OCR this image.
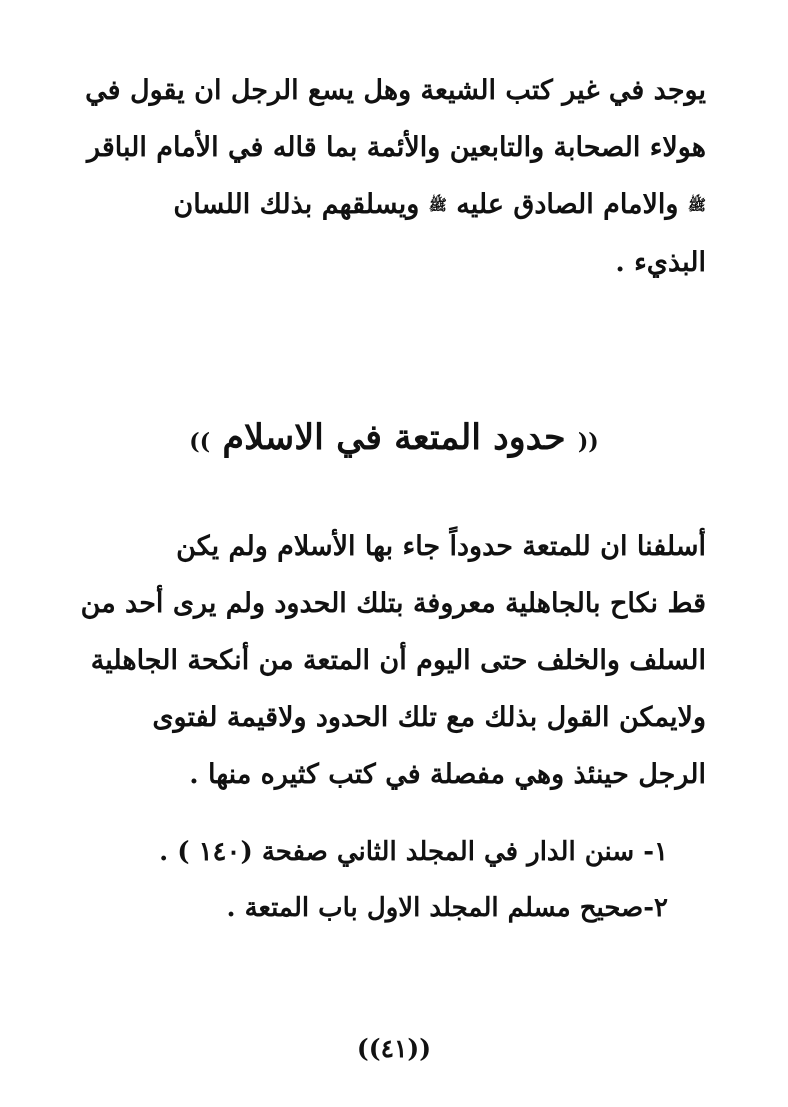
يوجد في غير كتب الشيعة وهل يسع الرجل ان يقول في
هولاء الصحابة والتابعين والأئمة بما قاله في الأمام الباقر
ﷺ والامام الصادق عليه ﷺ ويسلقهم بذلك اللسان
البذيء .
(( حدود المتعة في الاسلام ))
أسلفنا ان للمتعة حدوداً جاء بها الأسلام ولم يكن
قط نكاح بالجاهلية معروفة بتلك الحدود ولم يرى أحد من
السلف والخلف حتى اليوم أن المتعة من أنكحة الجاهلية
ولايمكن القول بذلك مع تلك الحدود ولاقيمة لفتوى
الرجل حينئذ وهي مفصلة في كتب كثيره منها .
١- سنن الدار في المجلد الثاني صفحة (١٤٠ ) .
٢-صحيح مسلم المجلد الاول باب المتعة .
((٤١))
